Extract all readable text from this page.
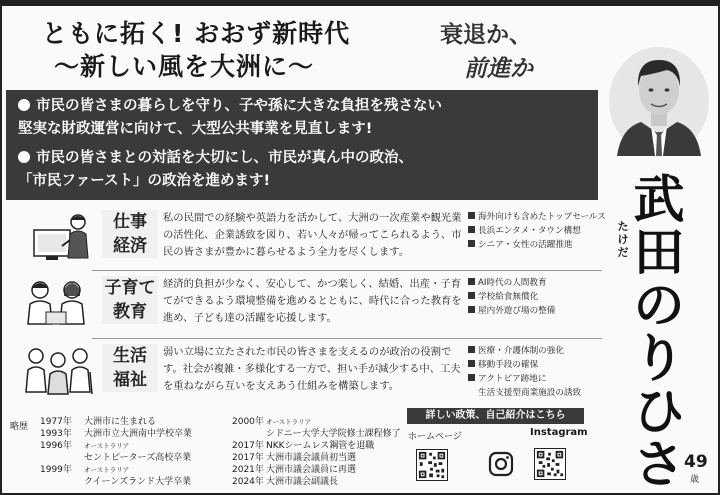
ともに拓く! おおず新時代
〜新しい風を大洲に〜
衰退か、
前進か
市民の皆さまの暮らしを守り、子や孫に大きな負担を残さない
堅実な財政運営に向けて、大型公共事業を見直します!
市民の皆さまとの対話を大切にし、市民が真ん中の政治、
「市民ファースト」の政治を進めます!
仕事
経済
私の民間での経験や英語力を活かして、大洲の一次産業や観光業の活性化、企業誘致を図り、若い人々が帰ってこられるよう、市民の皆さまが豊かに暮らせるよう全力を尽くします。
海外向けも含めたトップセールス
長浜エンタメ・タウン構想
シニア・女性の活躍推進
子育て
教育
経済的負担が少なく、安心して、かつ楽しく、結婚、出産・子育てができるよう環境整備を進めるとともに、時代に合った教育を進め、子ども達の活躍を応援します。
AI時代の人間教育
学校給食無償化
屋内外遊び場の整備
生活
福祉
弱い立場に立たされた市民の皆さまを支えるのが政治の役割です。社会が複雑・多様化する一方で、担い手が減少する中、工夫を重ねながら互いを支えあう仕組みを構築します。
医療・介護体制の強化
移動手段の確保
アクトピア跡地に
生活支援型商業施設の誘致
略歴 1977年 大洲市に生まれる
1993年 大洲市立大洲南中学校卒業
1996年 オーストラリア
セントピーターズ高校卒業
1999年 オーストラリア
クイーンズランド大学卒業
2000年 オーストラリア
シドニー大学大学院修士課程修了
2017年 NKKシームレス鋼管を退職
2017年 大洲市議会議員初当選
2021年 大洲市議会議員に再選
2024年 大洲市議会副議長
詳しい政策、自己紹介はこちら
ホームページ	Instagram
たけだ
武
田
の
り
ひ
さ 49
歳
